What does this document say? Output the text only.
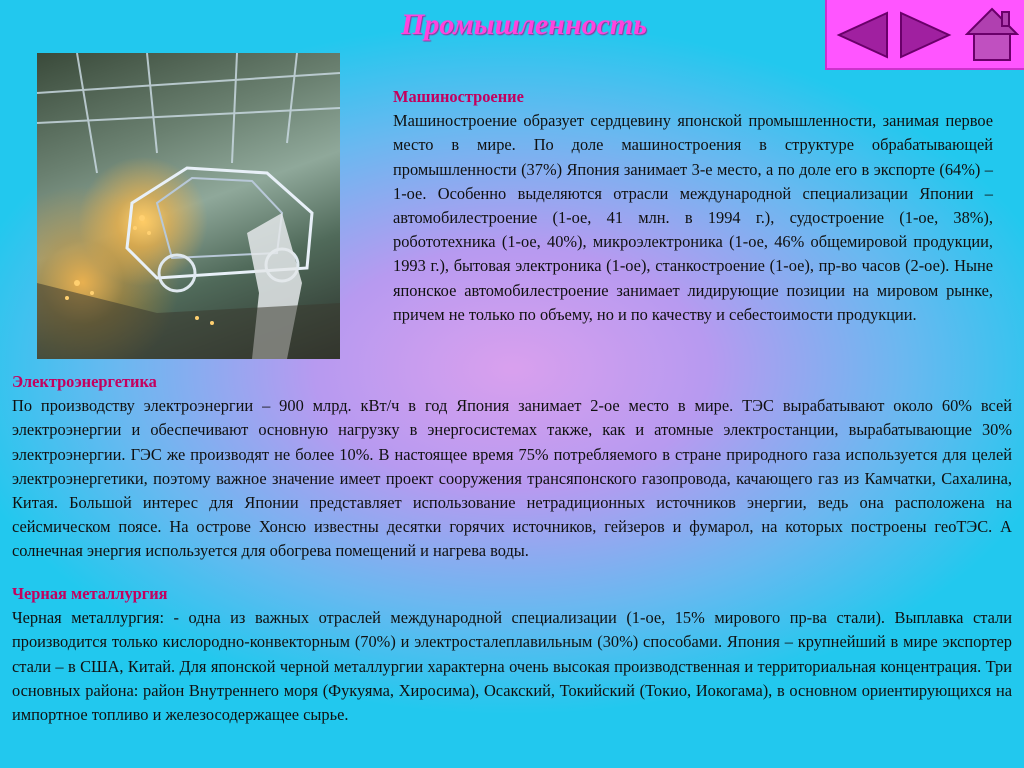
Промышленность
Машиностроение
Машиностроение образует сердцевину японской промышленности, занимая первое место в мире. По доле машиностроения в структуре обрабатывающей промышленности (37%) Япония занимает 3-е место, а по доле его в экспорте (64%) – 1-ое. Особенно выделяются отрасли международной специализации Японии – автомобилестроение (1-ое, 41 млн. в 1994 г.), судостроение (1-ое, 38%), робототехника (1-ое, 40%), микроэлектроника (1-ое, 46% общемировой продукции, 1993 г.), бытовая электроника (1-ое), станкостроение (1-ое), пр-во часов (2-ое). Ныне японское автомобилестроение занимает лидирующие позиции на мировом рынке, причем не только по объему, но и по качеству и себестоимости продукции.
Электроэнергетика
По производству электроэнергии – 900 млрд. кВт/ч в год Япония занимает 2-ое место в мире. ТЭС вырабатывают около 60% всей электроэнергии и обеспечивают основную нагрузку в энергосистемах также, как и атомные электростанции, вырабатывающие 30% электроэнергии. ГЭС же производят не более 10%. В настоящее время 75% потребляемого в стране природного газа используется для целей электроэнергетики, поэтому важное значение имеет проект сооружения трансяпонского газопровода, качающего газ из Камчатки, Сахалина, Китая. Большой интерес для Японии представляет использование нетрадиционных источников энергии, ведь она расположена на сейсмическом поясе. На острове Хонсю известны десятки горячих источников, гейзеров и фумарол, на которых построены геоТЭС. А солнечная энергия используется для обогрева помещений и нагрева воды.
Черная металлургия
Черная металлургия: - одна из важных отраслей международной специализации (1-ое, 15% мирового пр-ва стали). Выплавка стали производится только кислородно-конвекторным (70%) и электросталеплавильным (30%) способами. Япония – крупнейший в мире экспортер стали – в США, Китай. Для японской черной металлургии характерна очень высокая производственная и территориальная концентрация. Три основных района: район Внутреннего моря (Фукуяма, Хиросима), Осакский, Токийский (Токио, Иокогама), в основном ориентирующихся на импортное топливо и железосодержащее сырье.
